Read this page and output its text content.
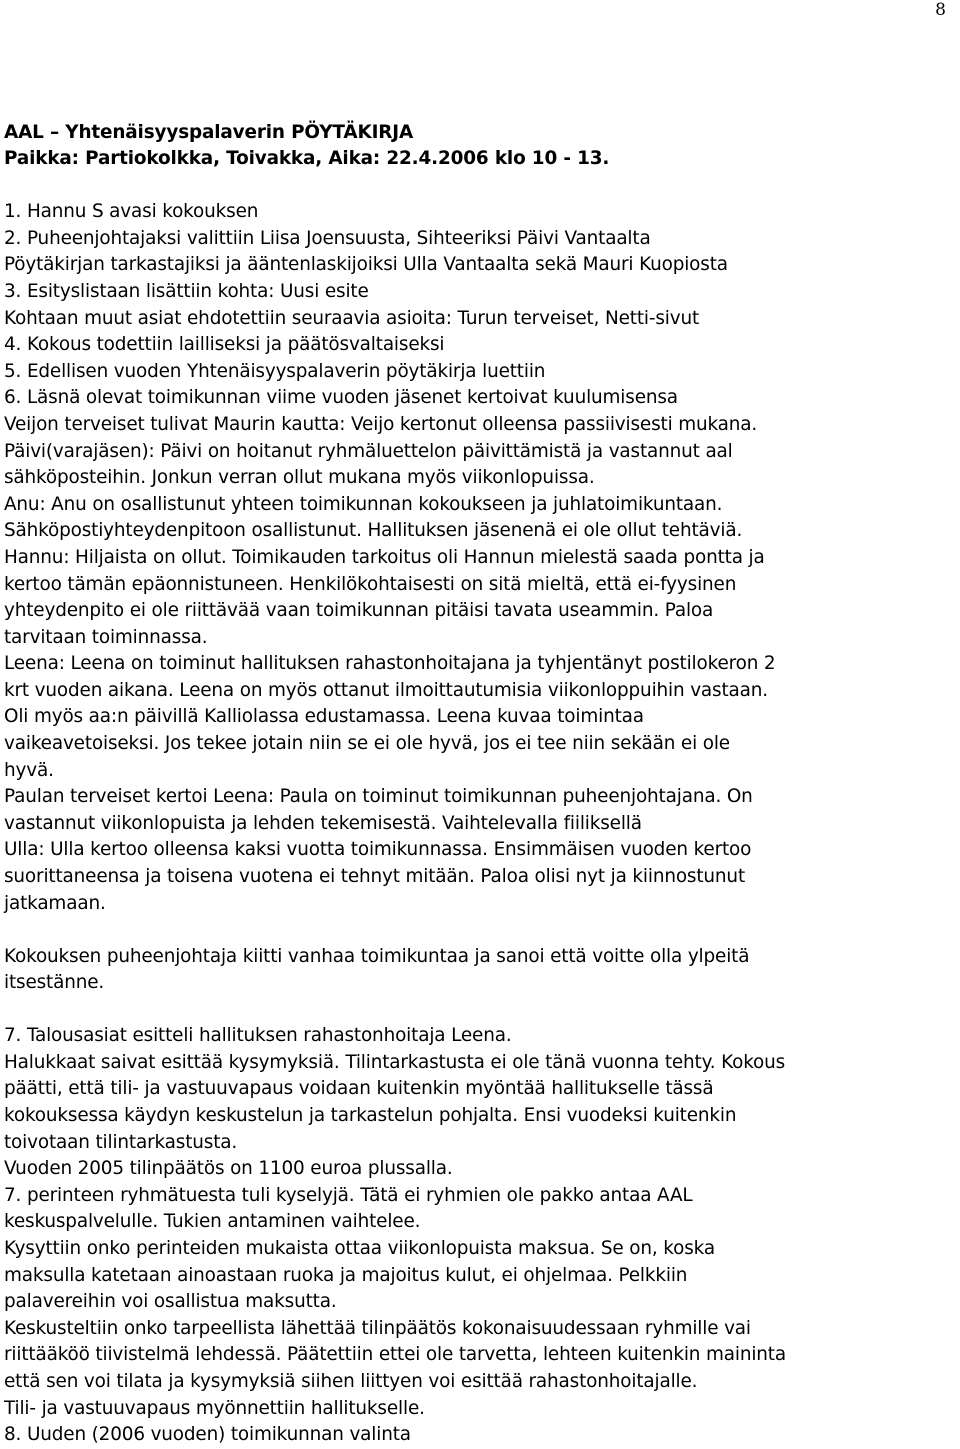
8
AAL – Yhtenäisyyspalaverin PÖYTÄKIRJA
Paikka: Partiokolkka, Toivakka, Aika: 22.4.2006 klo 10 - 13.
1. Hannu S avasi kokouksen
2. Puheenjohtajaksi valittiin Liisa Joensuusta, Sihteeriksi Päivi Vantaalta
Pöytäkirjan tarkastajiksi ja ääntenlaskijoiksi Ulla Vantaalta sekä Mauri Kuopiosta
3. Esityslistaan lisättiin kohta: Uusi esite
Kohtaan muut asiat ehdotettiin seuraavia asioita: Turun terveiset, Netti-sivut
4. Kokous todettiin lailliseksi ja päätösvaltaiseksi
5. Edellisen vuoden Yhtenäisyyspalaverin pöytäkirja luettiin
6. Läsnä olevat toimikunnan viime vuoden jäsenet kertoivat kuulumisensa
Veijon terveiset tulivat Maurin kautta: Veijo kertonut olleensa passiivisesti mukana.
Päivi(varajäsen): Päivi on hoitanut ryhmäluettelon päivittämistä ja vastannut aal
sähköposteihin. Jonkun verran ollut mukana myös viikonlopuissa.
Anu: Anu on osallistunut yhteen toimikunnan kokoukseen ja juhlatoimikuntaan.
Sähköpostiyhteydenpitoon osallistunut. Hallituksen jäsenenä ei ole ollut tehtäviä.
Hannu: Hiljaista on ollut. Toimikauden tarkoitus oli Hannun mielestä saada pontta ja
kertoo tämän epäonnistuneen. Henkilökohtaisesti on sitä mieltä, että ei-fyysinen
yhteydenpito ei ole riittävää vaan toimikunnan pitäisi tavata useammin. Paloa
tarvitaan toiminnassa.
Leena: Leena on toiminut hallituksen rahastonhoitajana ja tyhjentänyt postilokeron 2
krt vuoden aikana. Leena on myös ottanut ilmoittautumisia viikonloppuihin vastaan.
Oli myös aa:n päivillä Kalliolassa edustamassa. Leena kuvaa toimintaa
vaikeavetoiseksi. Jos tekee jotain niin se ei ole hyvä, jos ei tee niin sekään ei ole
hyvä.
Paulan terveiset kertoi Leena: Paula on toiminut toimikunnan puheenjohtajana. On
vastannut viikonlopuista ja lehden tekemisestä. Vaihtelevalla fiiliksellä
Ulla: Ulla kertoo olleensa kaksi vuotta toimikunnassa. Ensimmäisen vuoden kertoo
suorittaneensa ja toisena vuotena ei tehnyt mitään. Paloa olisi nyt ja kiinnostunut
jatkamaan.
Kokouksen puheenjohtaja kiitti vanhaa toimikuntaa ja sanoi että voitte olla ylpeitä
itsestänne.
7. Talousasiat esitteli hallituksen rahastonhoitaja Leena.
Halukkaat saivat esittää kysymyksiä. Tilintarkastusta ei ole tänä vuonna tehty. Kokous
päätti, että tili- ja vastuuvapaus voidaan kuitenkin myöntää hallitukselle tässä
kokouksessa käydyn keskustelun ja tarkastelun pohjalta. Ensi vuodeksi kuitenkin
toivotaan tilintarkastusta.
Vuoden 2005 tilinpäätös on 1100 euroa plussalla.
7. perinteen ryhmätuesta tuli kyselyjä. Tätä ei ryhmien ole pakko antaa AAL
keskuspalvelulle. Tukien antaminen vaihtelee.
Kysyttiin onko perinteiden mukaista ottaa viikonlopuista maksua. Se on, koska
maksulla katetaan ainoastaan ruoka ja majoitus kulut, ei ohjelmaa. Pelkkiin
palavereihin voi osallistua maksutta.
Keskusteltiin onko tarpeellista lähettää tilinpäätös kokonaisuudessaan ryhmille vai
riittääköö tiivistelmä lehdessä. Päätettiin ettei ole tarvetta, lehteen kuitenkin maininta
että sen voi tilata ja kysymyksiä siihen liittyen voi esittää rahastonhoitajalle.
Tili- ja vastuuvapaus myönnettiin hallitukselle.
8. Uuden (2006 vuoden) toimikunnan valinta
